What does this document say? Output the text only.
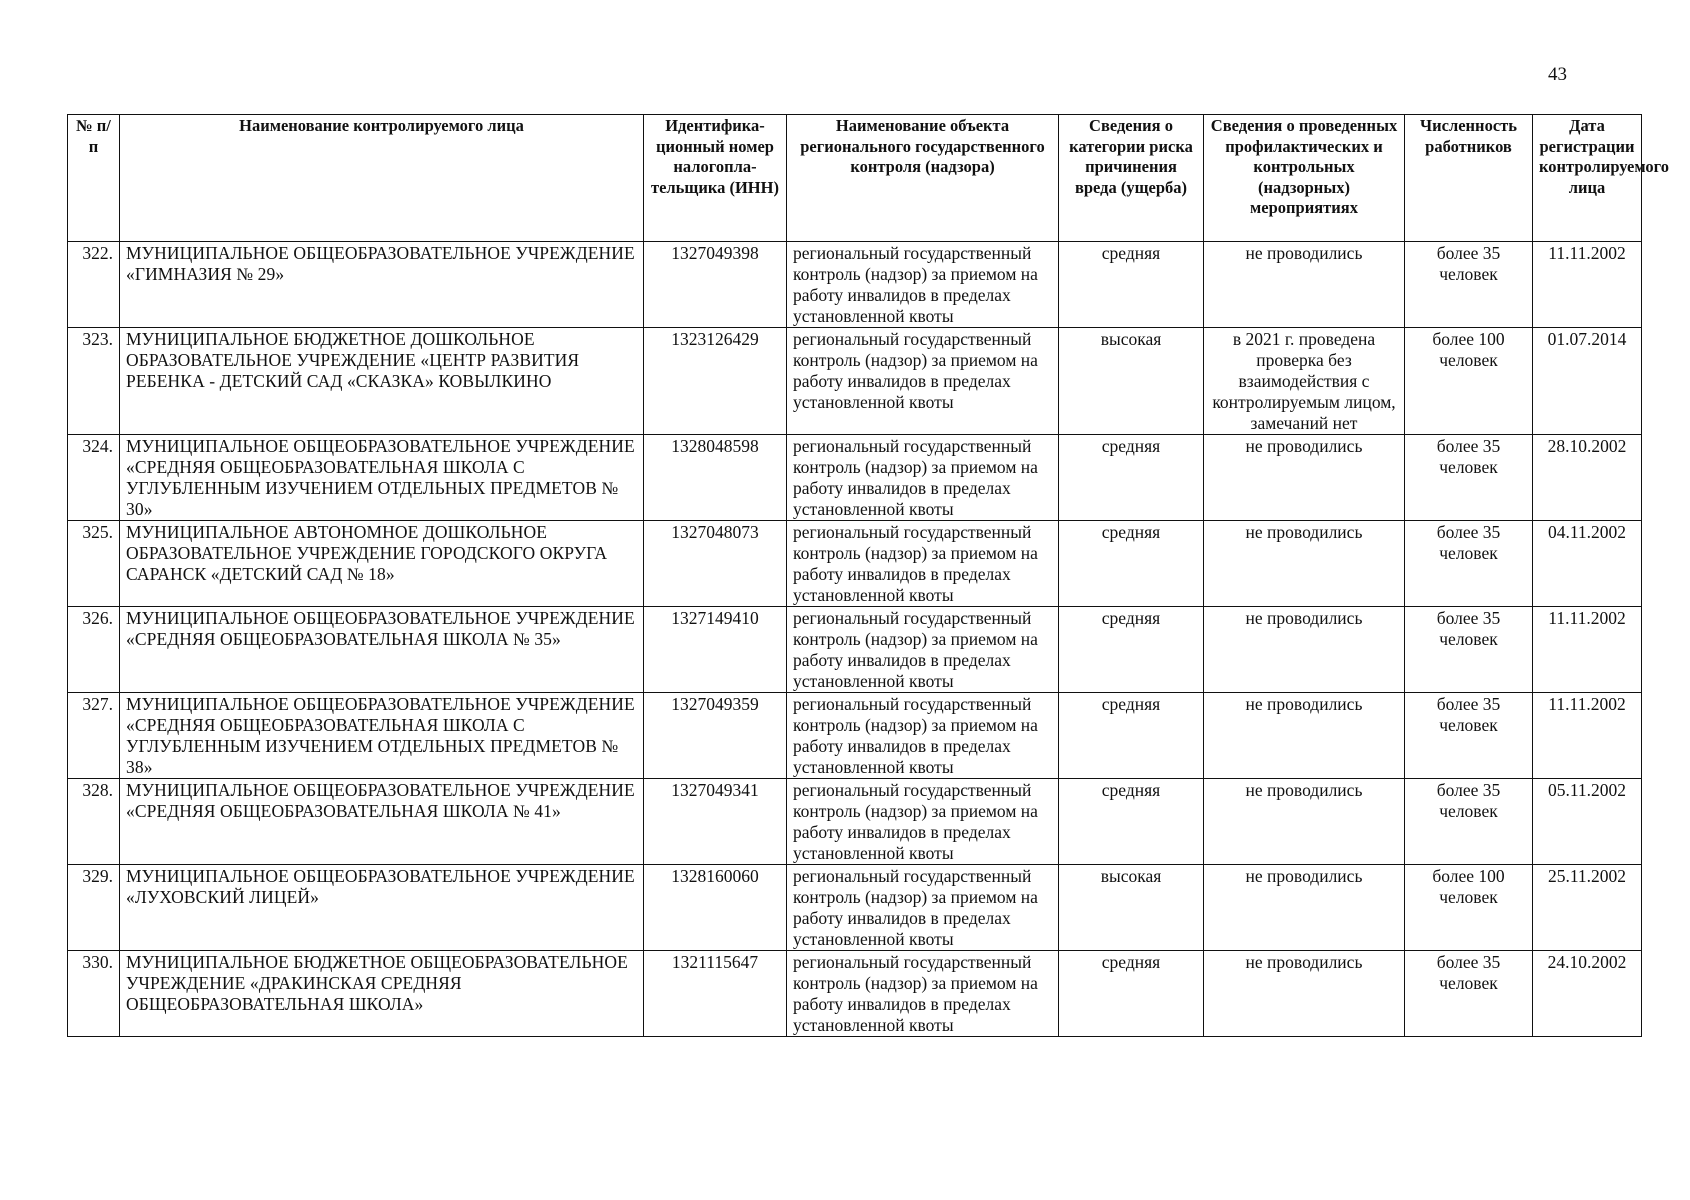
43
№ п/п	Наименование контролируемого лица	Идентифика-ционный номер налогопла-тельщика (ИНН)	Наименование объекта регионального государственного контроля (надзора)	Сведения о категории риска причинения вреда (ущерба)	Сведения о проведенных профилактических и контрольных (надзорных) мероприятиях	Численность работников	Дата регистрации контролируемого лица
322.	МУНИЦИПАЛЬНОЕ ОБЩЕОБРАЗОВАТЕЛЬНОЕ УЧРЕЖДЕНИЕ «ГИМНАЗИЯ № 29»	1327049398	региональный государственный контроль (надзор) за приемом на работу инвалидов в пределах установленной квоты	средняя	не проводились	более 35 человек	11.11.2002
323.	МУНИЦИПАЛЬНОЕ БЮДЖЕТНОЕ ДОШКОЛЬНОЕ ОБРАЗОВАТЕЛЬНОЕ УЧРЕЖДЕНИЕ «ЦЕНТР РАЗВИТИЯ РЕБЕНКА - ДЕТСКИЙ САД «СКАЗКА» КОВЫЛКИНО	1323126429	региональный государственный контроль (надзор) за приемом на работу инвалидов в пределах установленной квоты	высокая	в 2021 г. проведена проверка без взаимодействия с контролируемым лицом, замечаний нет	более 100 человек	01.07.2014
324.	МУНИЦИПАЛЬНОЕ ОБЩЕОБРАЗОВАТЕЛЬНОЕ УЧРЕЖДЕНИЕ «СРЕДНЯЯ ОБЩЕОБРАЗОВАТЕЛЬНАЯ ШКОЛА С УГЛУБЛЕННЫМ ИЗУЧЕНИЕМ ОТДЕЛЬНЫХ ПРЕДМЕТОВ № 30»	1328048598	региональный государственный контроль (надзор) за приемом на работу инвалидов в пределах установленной квоты	средняя	не проводились	более 35 человек	28.10.2002
325.	МУНИЦИПАЛЬНОЕ АВТОНОМНОЕ ДОШКОЛЬНОЕ ОБРАЗОВАТЕЛЬНОЕ УЧРЕЖДЕНИЕ ГОРОДСКОГО ОКРУГА САРАНСК «ДЕТСКИЙ САД № 18»	1327048073	региональный государственный контроль (надзор) за приемом на работу инвалидов в пределах установленной квоты	средняя	не проводились	более 35 человек	04.11.2002
326.	МУНИЦИПАЛЬНОЕ ОБЩЕОБРАЗОВАТЕЛЬНОЕ УЧРЕЖДЕНИЕ «СРЕДНЯЯ ОБЩЕОБРАЗОВАТЕЛЬНАЯ ШКОЛА № 35»	1327149410	региональный государственный контроль (надзор) за приемом на работу инвалидов в пределах установленной квоты	средняя	не проводились	более 35 человек	11.11.2002
327.	МУНИЦИПАЛЬНОЕ ОБЩЕОБРАЗОВАТЕЛЬНОЕ УЧРЕЖДЕНИЕ «СРЕДНЯЯ ОБЩЕОБРАЗОВАТЕЛЬНАЯ ШКОЛА С УГЛУБЛЕННЫМ ИЗУЧЕНИЕМ ОТДЕЛЬНЫХ ПРЕДМЕТОВ № 38»	1327049359	региональный государственный контроль (надзор) за приемом на работу инвалидов в пределах установленной квоты	средняя	не проводились	более 35 человек	11.11.2002
328.	МУНИЦИПАЛЬНОЕ ОБЩЕОБРАЗОВАТЕЛЬНОЕ УЧРЕЖДЕНИЕ «СРЕДНЯЯ ОБЩЕОБРАЗОВАТЕЛЬНАЯ ШКОЛА № 41»	1327049341	региональный государственный контроль (надзор) за приемом на работу инвалидов в пределах установленной квоты	средняя	не проводились	более 35 человек	05.11.2002
329.	МУНИЦИПАЛЬНОЕ ОБЩЕОБРАЗОВАТЕЛЬНОЕ УЧРЕЖДЕНИЕ «ЛУХОВСКИЙ ЛИЦЕЙ»	1328160060	региональный государственный контроль (надзор) за приемом на работу инвалидов в пределах установленной квоты	высокая	не проводились	более 100 человек	25.11.2002
330.	МУНИЦИПАЛЬНОЕ БЮДЖЕТНОЕ ОБЩЕОБРАЗОВАТЕЛЬНОЕ УЧРЕЖДЕНИЕ «ДРАКИНСКАЯ СРЕДНЯЯ ОБЩЕОБРАЗОВАТЕЛЬНАЯ ШКОЛА»	1321115647	региональный государственный контроль (надзор) за приемом на работу инвалидов в пределах установленной квоты	средняя	не проводились	более 35 человек	24.10.2002
